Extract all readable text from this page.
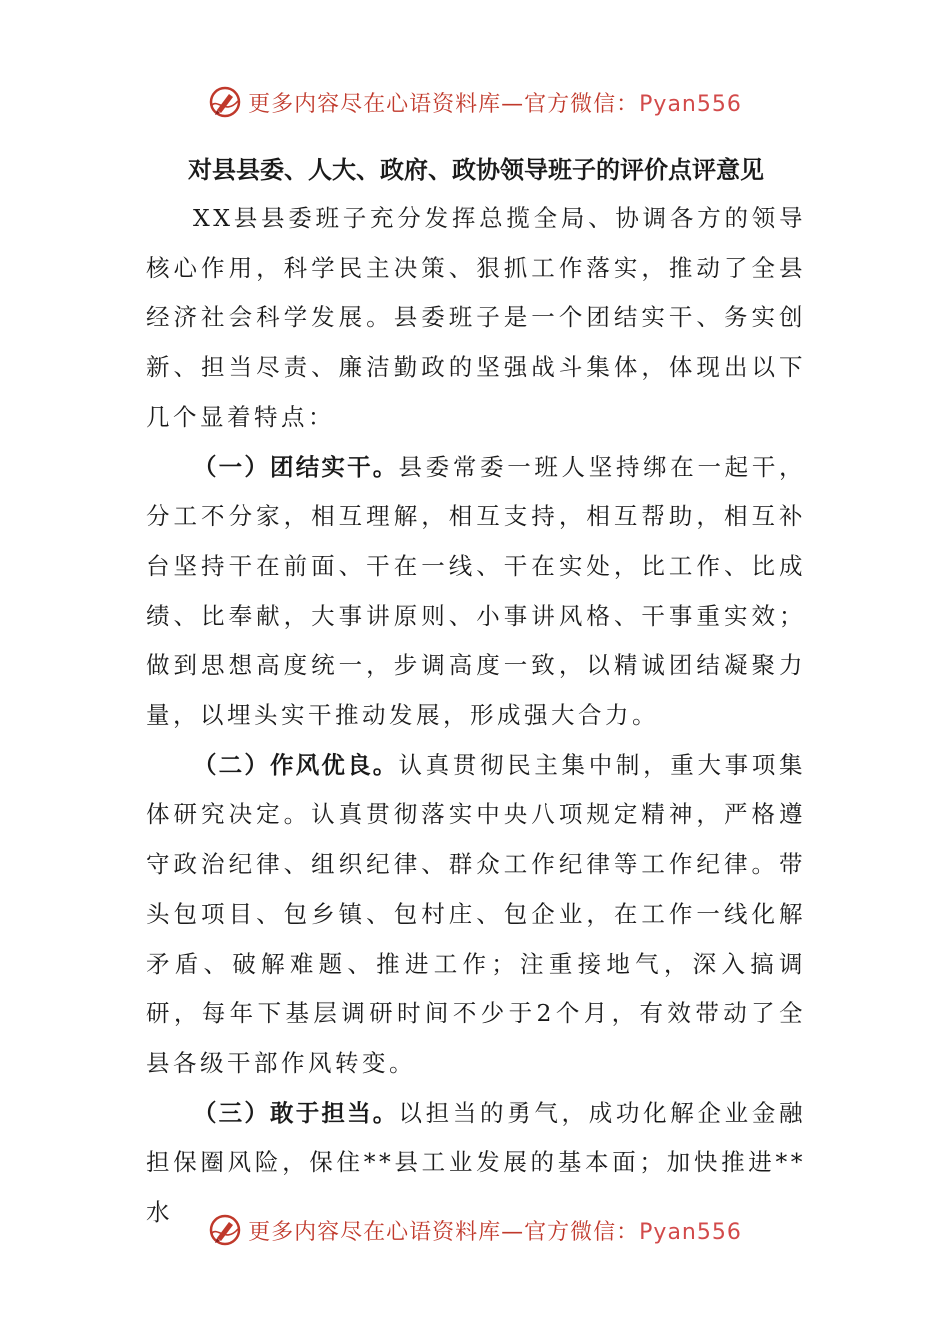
更多内容尽在心语资料库—官方微信：Pyan556
对县县委、人大、政府、政协领导班子的评价点评意见

XX县县委班子充分发挥总揽全局、协调各方的领导核心作用，科学民主决策、狠抓工作落实，推动了全县经济社会科学发展。县委班子是一个团结实干、务实创新、担当尽责、廉洁勤政的坚强战斗集体，体现出以下几个显着特点：

（一）团结实干。县委常委一班人坚持绑在一起干，分工不分家，相互理解，相互支持，相互帮助，相互补台坚持干在前面、干在一线、干在实处，比工作、比成绩、比奉献，大事讲原则、小事讲风格、干事重实效；做到思想高度统一，步调高度一致，以精诚团结凝聚力量，以埋头实干推动发展，形成强大合力。

（二）作风优良。认真贯彻民主集中制，重大事项集体研究决定。认真贯彻落实中央八项规定精神，严格遵守政治纪律、组织纪律、群众工作纪律等工作纪律。带头包项目、包乡镇、包村庄、包企业，在工作一线化解矛盾、破解难题、推进工作；注重接地气，深入搞调研，每年下基层调研时间不少于2个月，有效带动了全县各级干部作风转变。

（三）敢于担当。以担当的勇气，成功化解企业金融担保圈风险，保住**县工业发展的基本面；加快推进**水

更多内容尽在心语资料库—官方微信：Pyan556
